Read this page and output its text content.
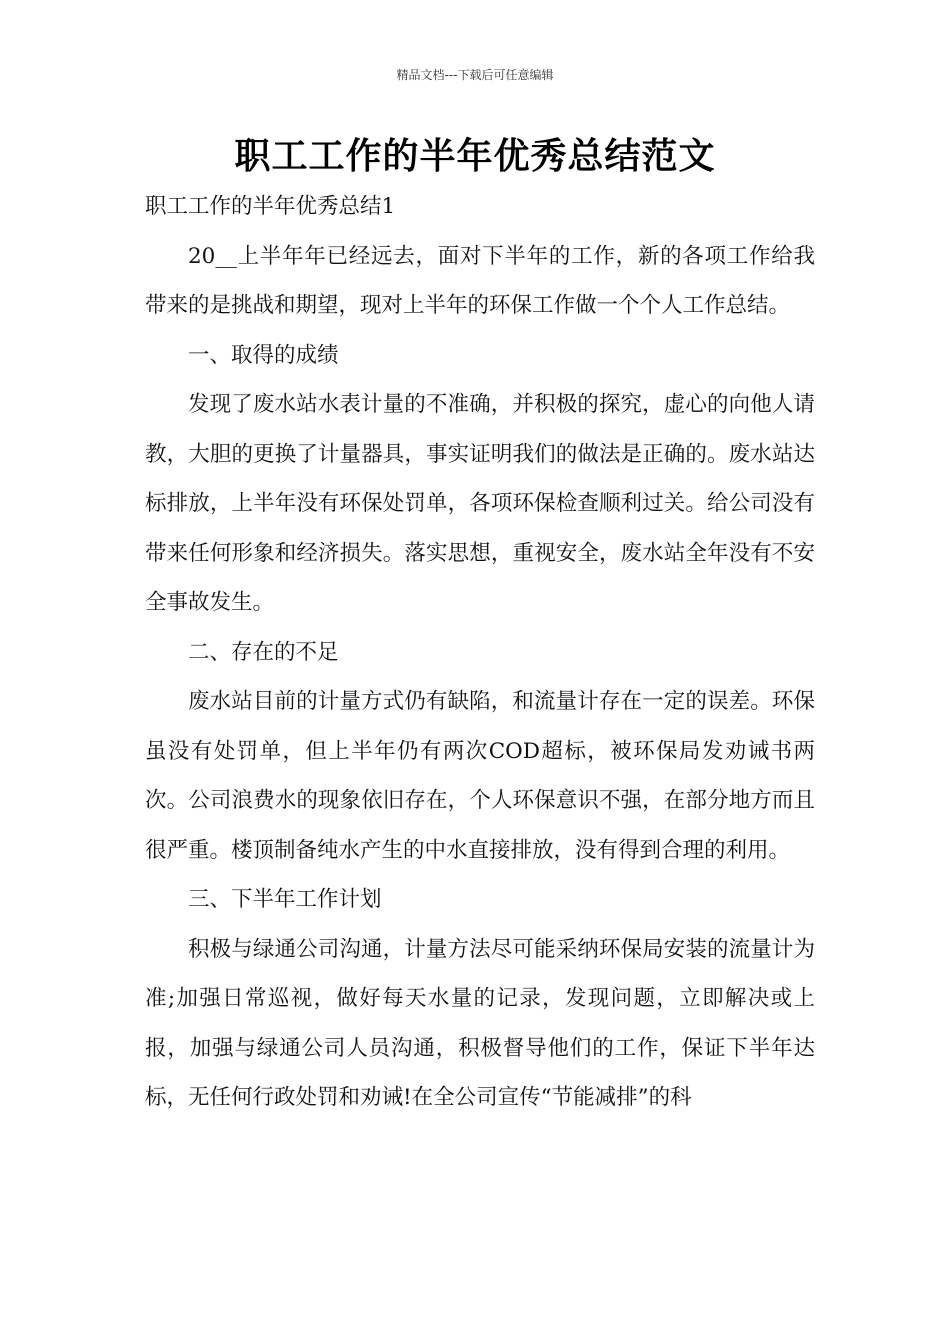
精品文档---下载后可任意编辑
职工工作的半年优秀总结范文

职工工作的半年优秀总结1

20__上半年年已经远去，面对下半年的工作，新的各项工作给我带来的是挑战和期望，现对上半年的环保工作做一个个人工作总结。

一、取得的成绩

发现了废水站水表计量的不准确，并积极的探究，虚心的向他人请教，大胆的更换了计量器具，事实证明我们的做法是正确的。废水站达标排放，上半年没有环保处罚单，各项环保检查顺利过关。给公司没有带来任何形象和经济损失。落实思想，重视安全，废水站全年没有不安全事故发生。

二、存在的不足

废水站目前的计量方式仍有缺陷，和流量计存在一定的误差。环保虽没有处罚单，但上半年仍有两次COD超标，被环保局发劝诫书两次。公司浪费水的现象依旧存在，个人环保意识不强，在部分地方而且很严重。楼顶制备纯水产生的中水直接排放，没有得到合理的利用。

三、下半年工作计划

积极与绿通公司沟通，计量方法尽可能采纳环保局安装的流量计为准;加强日常巡视，做好每天水量的记录，发现问题，立即解决或上报，加强与绿通公司人员沟通，积极督导他们的工作，保证下半年达标，无任何行政处罚和劝诫!在全公司宣传“节能减排”的科
